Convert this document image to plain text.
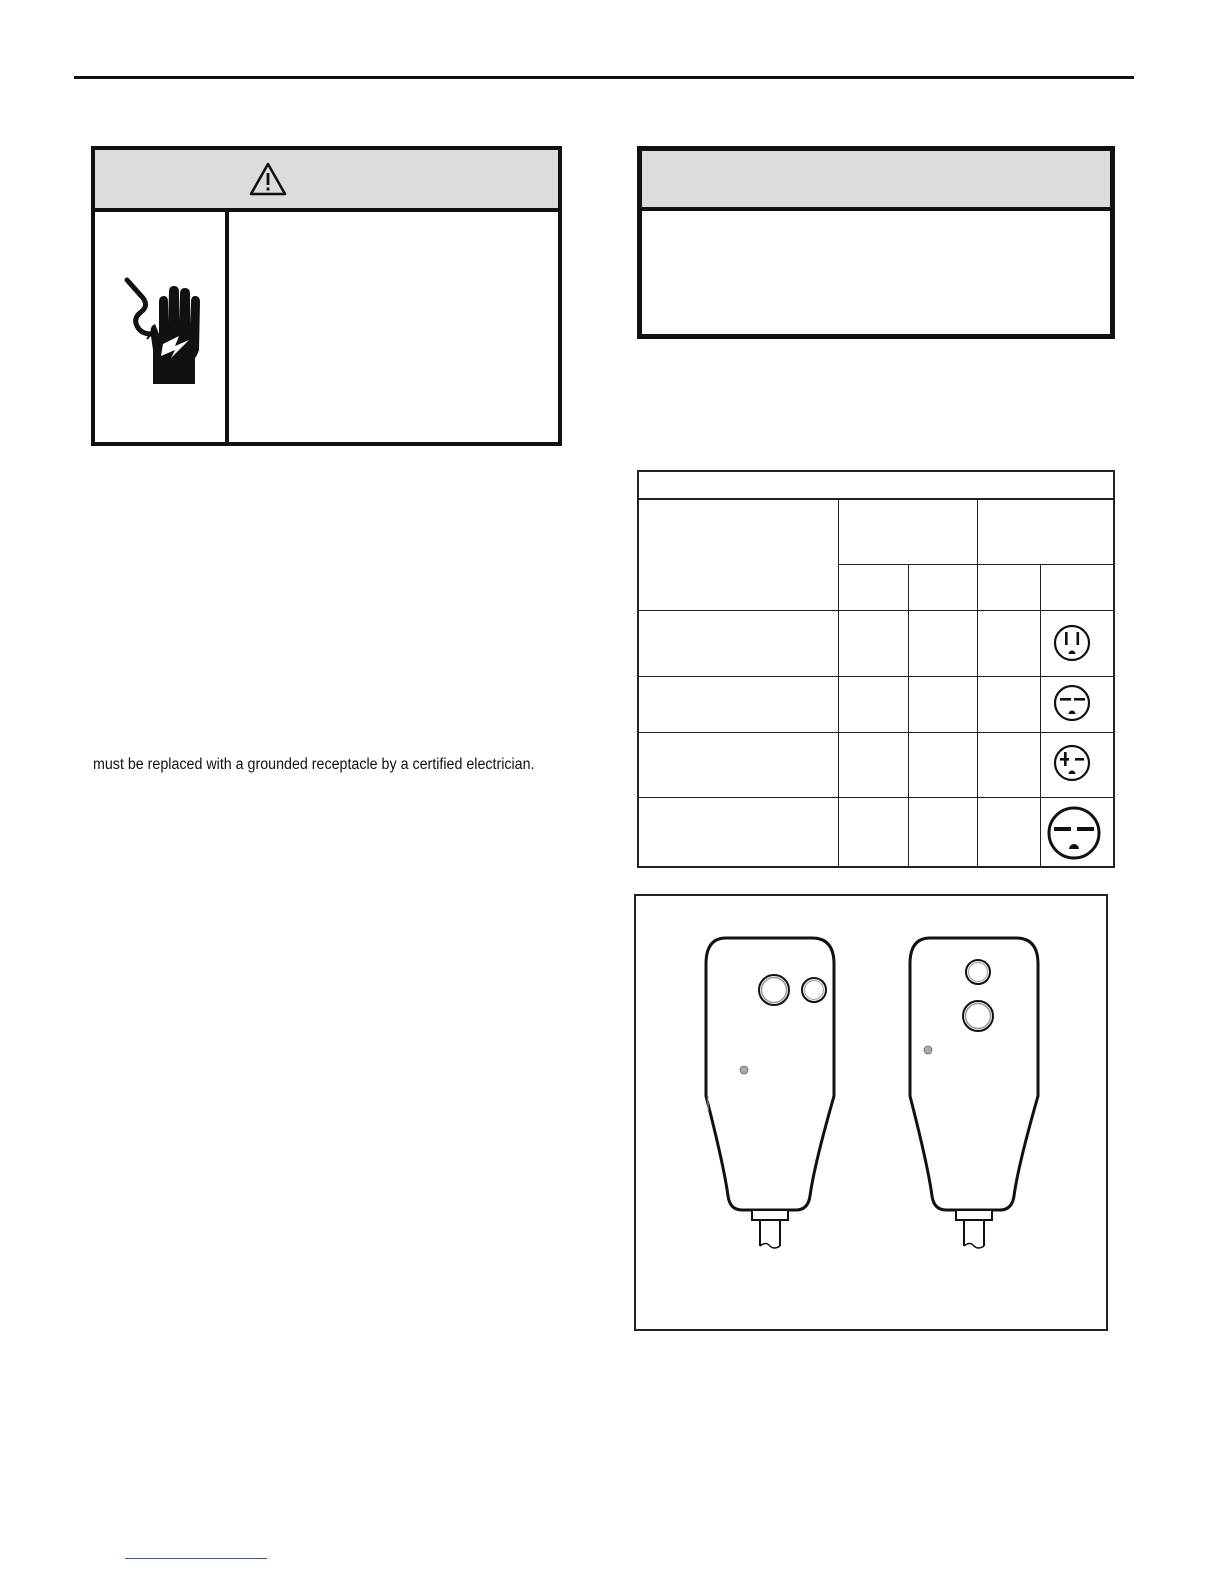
must be replaced with a grounded receptacle by a certified electrician.
